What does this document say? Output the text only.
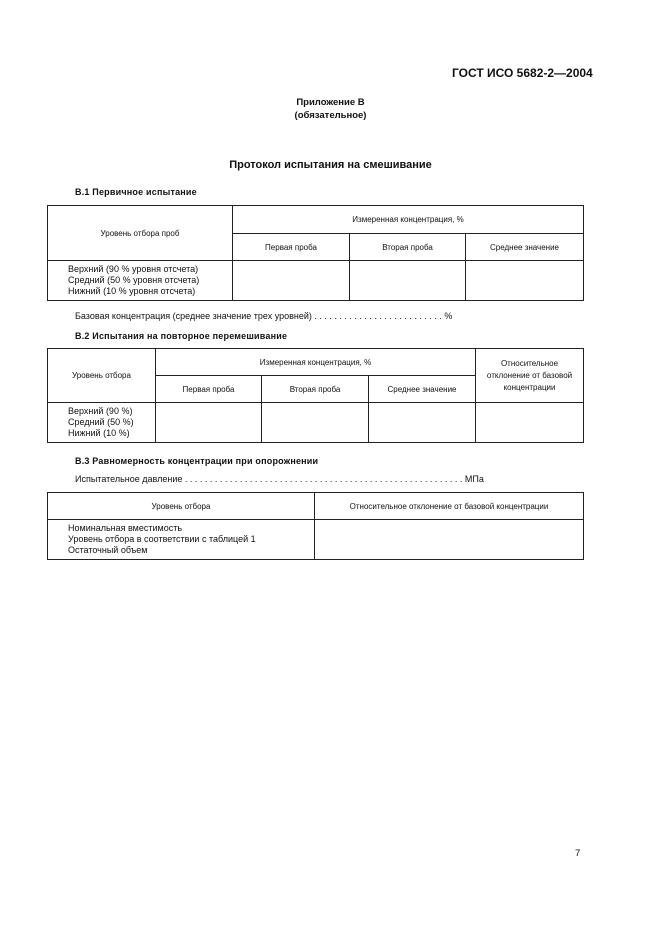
ГОСТ ИСО 5682-2—2004
Приложение В
(обязательное)
Протокол испытания на смешивание
В.1 Первичное испытание
Уровень отбора проб	Измеренная концентрация, %		
	Первая проба	Вторая проба	Среднее значение

Верхний (90 % уровня отсчета)
Средний (50 % уровня отсчета)
Нижний (10 % уровня отсчета)			

Базовая концентрация (среднее значение трех уровней) . . . . . . . . . . . . . . . . . . . . . . . . . . %
В.2 Испытания на повторное перемешивание
Уровень отбора	Измеренная концентрация, %			Относительное
отклонение от базовой
концентрации

	Первая проба	Вторая проба	Среднее значение	

Верхний (90 %)
Средний (50 %)
Нижний (10 %)				

В.3 Равномерность концентрации при опорожнении
Испытательное давление . . . . . . . . . . . . . . . . . . . . . . . . . . . . . . . . . . . . . . . . . . . . . . . . . . . . . . . . МПа
Уровень отбора	Относительное отклонение от базовой концентрации

Номинальная вместимость
Уровень отбора в соответствии с таблицей 1
Остаточный объем	

7
